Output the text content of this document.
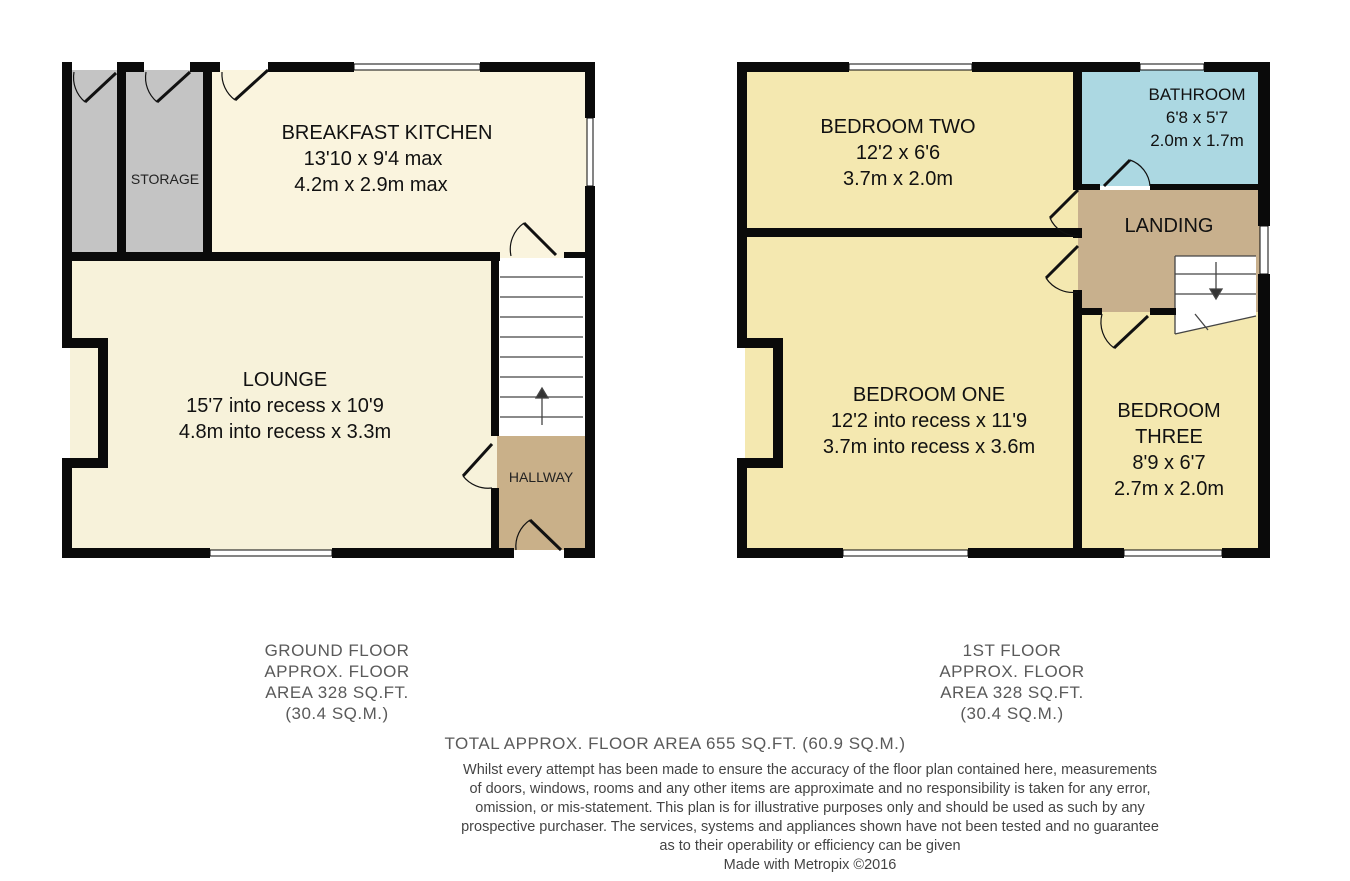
BREAKFAST KITCHEN
13'10 x 9'4 max
4.2m x 2.9m max
STORAGE
LOUNGE
15'7 into recess x 10'9
4.8m into recess x 3.3m
HALLWAY
BEDROOM TWO
12'2 x 6'6
3.7m x 2.0m
BATHROOM
6'8 x 5'7
2.0m x 1.7m
LANDING
BEDROOM ONE
12'2 into recess x 11'9
3.7m into recess x 3.6m
BEDROOM
THREE
8'9 x 6'7
2.7m x 2.0m
GROUND FLOOR
APPROX. FLOOR
AREA 328 SQ.FT.
(30.4 SQ.M.)
1ST FLOOR
APPROX. FLOOR
AREA 328 SQ.FT.
(30.4 SQ.M.)
TOTAL APPROX. FLOOR AREA 655 SQ.FT. (60.9 SQ.M.)
Whilst every attempt has been made to ensure the accuracy of the floor plan contained here, measurements
of doors, windows, rooms and any other items are approximate and no responsibility is taken for any error,
omission, or mis-statement. This plan is for illustrative purposes only and should be used as such by any
prospective purchaser. The services, systems and appliances shown have not been tested and no guarantee
as to their operability or efficiency can be given
Made with Metropix ©2016
